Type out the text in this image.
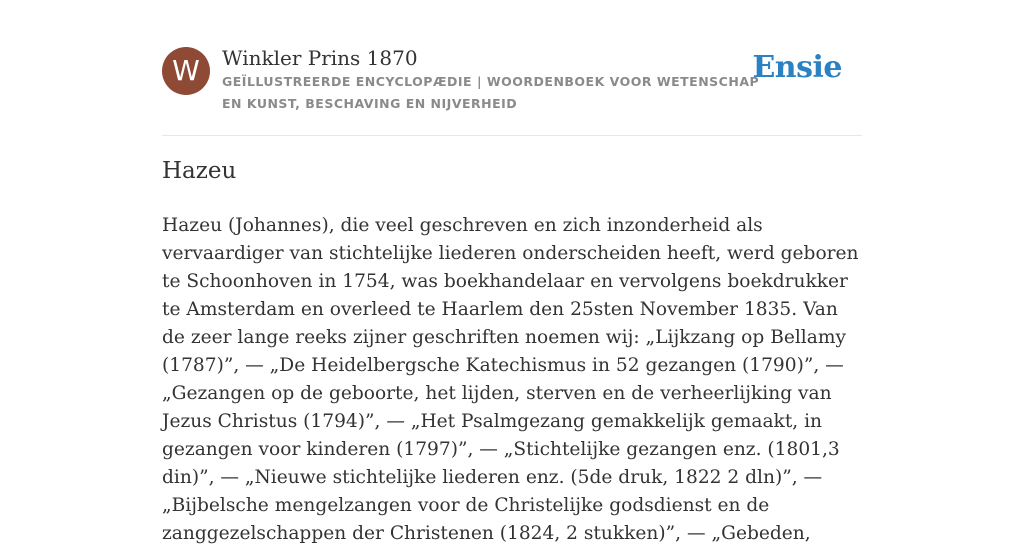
W	Winkler Prins 1870
GEÏLLUSTREERDE ENCYCLOPÆDIE | WOORDENBOEK VOOR WETENSCHAP EN KUNST, BESCHAVING EN NIJVERHEID
Ensie
Hazeu

Hazeu (Johannes), die veel geschreven en zich inzonderheid als vervaardiger van stichtelijke liederen onderscheiden heeft, werd geboren te Schoonhoven in 1754, was boekhandelaar en vervolgens boekdrukker te Amsterdam en overleed te Haarlem den 25sten November 1835. Van de zeer lange reeks zijner geschriften noemen wij: „Lijkzang op Bellamy (1787)”, — „De Heidelbergsche Katechismus in 52 gezangen (1790)”, — „Gezangen op de geboorte, het lijden, sterven en de verheerlijking van Jezus Christus (1794)”, — „Het Psalmgezang gemakkelijk gemaakt, in gezangen voor kinderen (1797)”, — „Stichtelijke gezangen enz. (1801,3 din)”, — „Nieuwe stichtelijke liederen enz. (5de druk, 1822 2 dln)”, — „Bijbelsche mengelzangen voor de Christelijke godsdienst en de zanggezelschappen der Christenen (1824, 2 stukken)”, — „Gebeden,
